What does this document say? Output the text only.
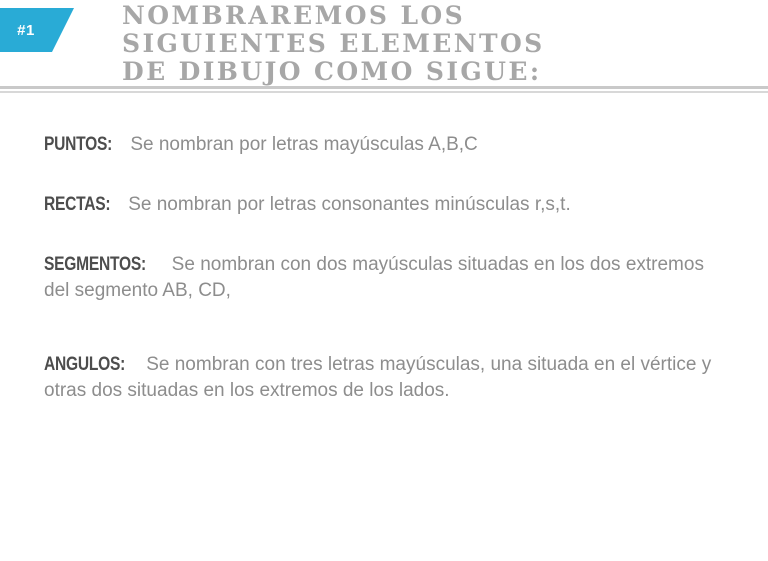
#1	NOMBRAREMOS LOS
SIGUIENTES ELEMENTOS
DE DIBUJO COMO SIGUE:

PUNTOS: Se nombran por letras mayúsculas A,B,C

RECTAS: Se nombran por letras consonantes minúsculas r,s,t.

SEGMENTOS: Se nombran con dos mayúsculas situadas en los dos extremos del segmento AB, CD,

ANGULOS: Se nombran con tres letras mayúsculas, una situada en el vértice y otras dos situadas en los extremos de los lados.
